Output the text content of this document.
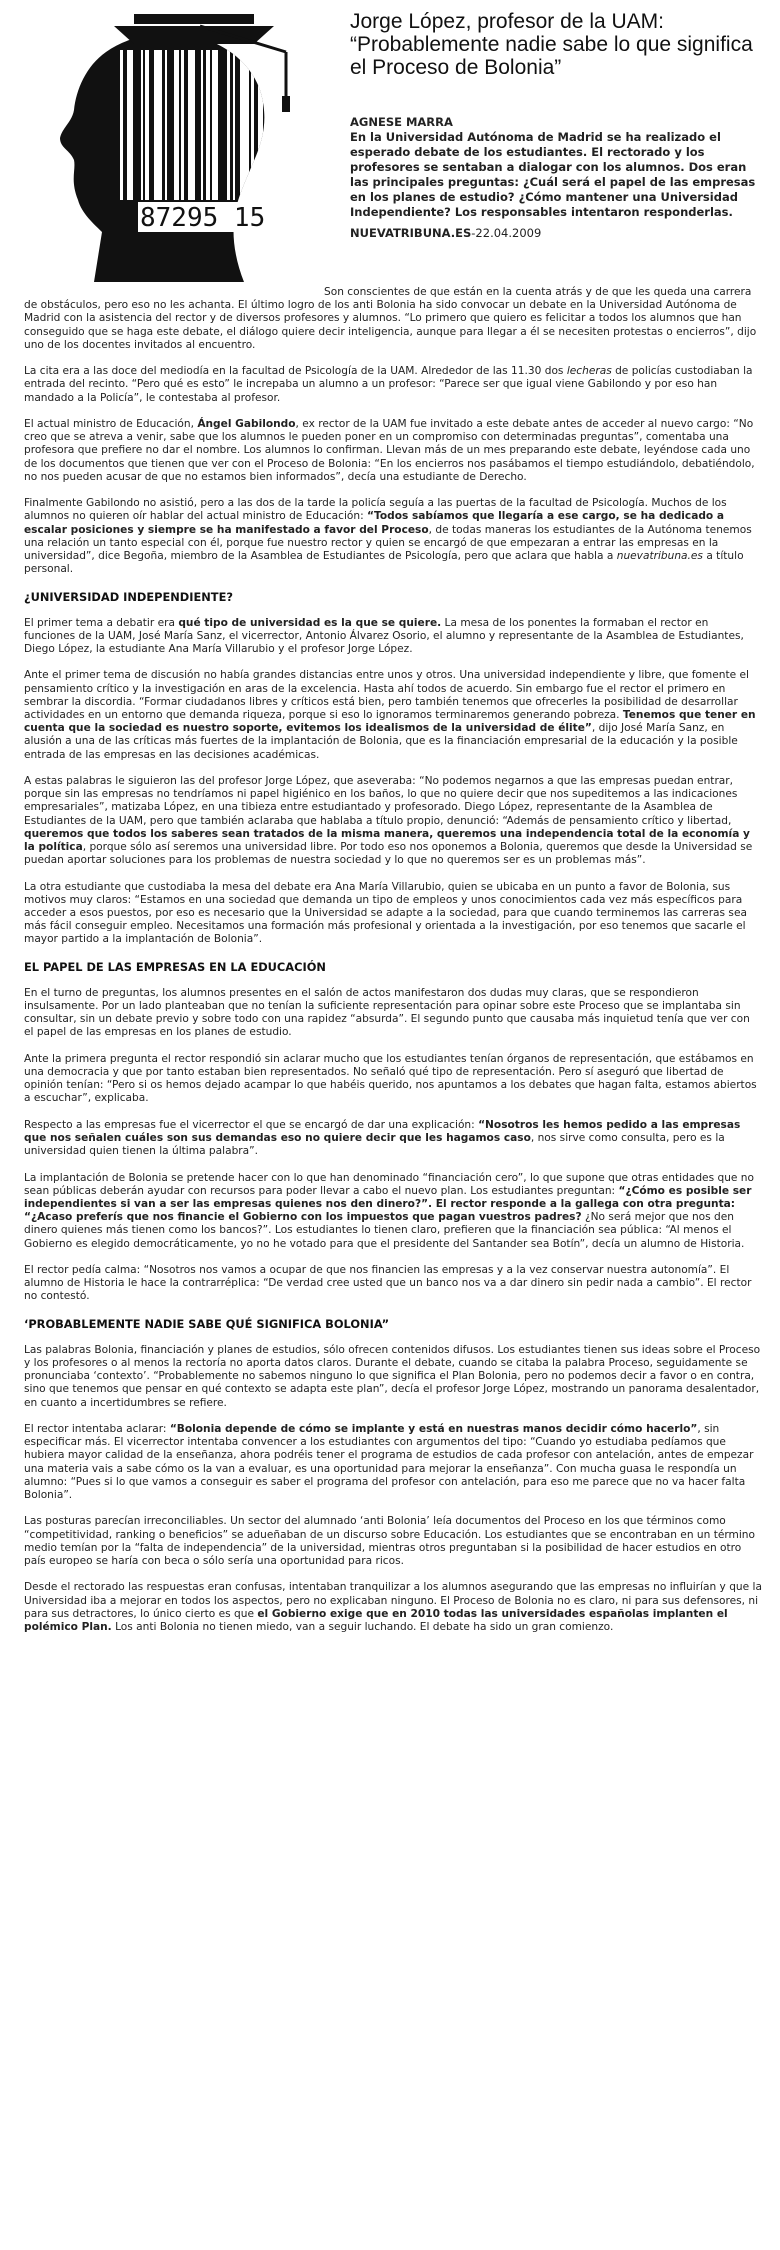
87295 15
Jorge López, profesor de la UAM: “Probablemente nadie sabe lo que significa el Proceso de Bolonia”
AGNESE MARRA
En la Universidad Autónoma de Madrid se ha realizado el esperado debate de los estudiantes. El rectorado y los profesores se sentaban a dialogar con los alumnos. Dos eran las principales preguntas: ¿Cuál será el papel de las empresas en los planes de estudio? ¿Cómo mantener una Universidad Independiente? Los responsables intentaron responderlas.
NUEVATRIBUNA.ES-22.04.2009

Son conscientes de que están en la cuenta atrás y de que les queda una carrera de obstáculos, pero eso no les achanta. El último logro de los anti Bolonia ha sido convocar un debate en la Universidad Autónoma de Madrid con la asistencia del rector y de diversos profesores y alumnos. “Lo primero que quiero es felicitar a todos los alumnos que han conseguido que se haga este debate, el diálogo quiere decir inteligencia, aunque para llegar a él se necesiten protestas o encierros”, dijo uno de los docentes invitados al encuentro.

La cita era a las doce del mediodía en la facultad de Psicología de la UAM. Alrededor de las 11.30 dos lecheras de policías custodiaban la entrada del recinto. “Pero qué es esto” le increpaba un alumno a un profesor: “Parece ser que igual viene Gabilondo y por eso han mandado a la Policía”, le contestaba al profesor.

El actual ministro de Educación, Ángel Gabilondo, ex rector de la UAM fue invitado a este debate antes de acceder al nuevo cargo: “No creo que se atreva a venir, sabe que los alumnos le pueden poner en un compromiso con determinadas preguntas”, comentaba una profesora que prefiere no dar el nombre. Los alumnos lo confirman. Llevan más de un mes preparando este debate, leyéndose cada uno de los documentos que tienen que ver con el Proceso de Bolonia: “En los encierros nos pasábamos el tiempo estudiándolo, debatiéndolo, no nos pueden acusar de que no estamos bien informados”, decía una estudiante de Derecho.

Finalmente Gabilondo no asistió, pero a las dos de la tarde la policía seguía a las puertas de la facultad de Psicología. Muchos de los alumnos no quieren oír hablar del actual ministro de Educación: “Todos sabíamos que llegaría a ese cargo, se ha dedicado a escalar posiciones y siempre se ha manifestado a favor del Proceso, de todas maneras los estudiantes de la Autónoma tenemos una relación un tanto especial con él, porque fue nuestro rector y quien se encargó de que empezaran a entrar las empresas en la universidad”, dice Begoña, miembro de la Asamblea de Estudiantes de Psicología, pero que aclara que habla a nuevatribuna.es a título personal.

¿UNIVERSIDAD INDEPENDIENTE?

El primer tema a debatir era qué tipo de universidad es la que se quiere. La mesa de los ponentes la formaban el rector en funciones de la UAM, José María Sanz, el vicerrector, Antonio Álvarez Osorio, el alumno y representante de la Asamblea de Estudiantes, Diego López, la estudiante Ana María Villarubio y el profesor Jorge López.

Ante el primer tema de discusión no había grandes distancias entre unos y otros. Una universidad independiente y libre, que fomente el pensamiento crítico y la investigación en aras de la excelencia. Hasta ahí todos de acuerdo. Sin embargo fue el rector el primero en sembrar la discordia. “Formar ciudadanos libres y críticos está bien, pero también tenemos que ofrecerles la posibilidad de desarrollar actividades en un entorno que demanda riqueza, porque si eso lo ignoramos terminaremos generando pobreza. Tenemos que tener en cuenta que la sociedad es nuestro soporte, evitemos los idealismos de la universidad de élite”, dijo José María Sanz, en alusión a una de las críticas más fuertes de la implantación de Bolonia, que es la financiación empresarial de la educación y la posible entrada de las empresas en las decisiones académicas.

A estas palabras le siguieron las del profesor Jorge López, que aseveraba: “No podemos negarnos a que las empresas puedan entrar, porque sin las empresas no tendríamos ni papel higiénico en los baños, lo que no quiere decir que nos supeditemos a las indicaciones empresariales”, matizaba López, en una tibieza entre estudiantado y profesorado. Diego López, representante de la Asamblea de Estudiantes de la UAM, pero que también aclaraba que hablaba a título propio, denunció: “Además de pensamiento crítico y libertad, queremos que todos los saberes sean tratados de la misma manera, queremos una independencia total de la economía y la política, porque sólo así seremos una universidad libre. Por todo eso nos oponemos a Bolonia, queremos que desde la Universidad se puedan aportar soluciones para los problemas de nuestra sociedad y lo que no queremos ser es un problemas más”.

La otra estudiante que custodiaba la mesa del debate era Ana María Villarubio, quien se ubicaba en un punto a favor de Bolonia, sus motivos muy claros: “Estamos en una sociedad que demanda un tipo de empleos y unos conocimientos cada vez más específicos para acceder a esos puestos, por eso es necesario que la Universidad se adapte a la sociedad, para que cuando terminemos las carreras sea más fácil conseguir empleo. Necesitamos una formación más profesional y orientada a la investigación, por eso tenemos que sacarle el mayor partido a la implantación de Bolonia”.

EL PAPEL DE LAS EMPRESAS EN LA EDUCACIÓN

En el turno de preguntas, los alumnos presentes en el salón de actos manifestaron dos dudas muy claras, que se respondieron insulsamente. Por un lado planteaban que no tenían la suficiente representación para opinar sobre este Proceso que se implantaba sin consultar, sin un debate previo y sobre todo con una rapidez “absurda”. El segundo punto que causaba más inquietud tenía que ver con el papel de las empresas en los planes de estudio.

Ante la primera pregunta el rector respondió sin aclarar mucho que los estudiantes tenían órganos de representación, que estábamos en una democracia y que por tanto estaban bien representados. No señaló qué tipo de representación. Pero sí aseguró que libertad de opinión tenían: “Pero si os hemos dejado acampar lo que habéis querido, nos apuntamos a los debates que hagan falta, estamos abiertos a escuchar”, explicaba.

Respecto a las empresas fue el vicerrector el que se encargó de dar una explicación: “Nosotros les hemos pedido a las empresas que nos señalen cuáles son sus demandas eso no quiere decir que les hagamos caso, nos sirve como consulta, pero es la universidad quien tienen la última palabra”.

La implantación de Bolonia se pretende hacer con lo que han denominado “financiación cero”, lo que supone que otras entidades que no sean públicas deberán ayudar con recursos para poder llevar a cabo el nuevo plan. Los estudiantes preguntan: “¿Cómo es posible ser independientes si van a ser las empresas quienes nos den dinero?”. El rector responde a la gallega con otra pregunta: “¿Acaso preferís que nos financie el Gobierno con los impuestos que pagan vuestros padres? ¿No será mejor que nos den dinero quienes más tienen como los bancos?”. Los estudiantes lo tienen claro, prefieren que la financiación sea pública: “Al menos el Gobierno es elegido democráticamente, yo no he votado para que el presidente del Santander sea Botín”, decía un alumno de Historia.

El rector pedía calma: “Nosotros nos vamos a ocupar de que nos financien las empresas y a la vez conservar nuestra autonomía”. El alumno de Historia le hace la contrarréplica: “De verdad cree usted que un banco nos va a dar dinero sin pedir nada a cambio”. El rector no contestó.

‘PROBABLEMENTE NADIE SABE QUÉ SIGNIFICA BOLONIA”

Las palabras Bolonia, financiación y planes de estudios, sólo ofrecen contenidos difusos. Los estudiantes tienen sus ideas sobre el Proceso y los profesores o al menos la rectoría no aporta datos claros. Durante el debate, cuando se citaba la palabra Proceso, seguidamente se pronunciaba ‘contexto’. “Probablemente no sabemos ninguno lo que significa el Plan Bolonia, pero no podemos decir a favor o en contra, sino que tenemos que pensar en qué contexto se adapta este plan”, decía el profesor Jorge López, mostrando un panorama desalentador, en cuanto a incertidumbres se refiere.

El rector intentaba aclarar: “Bolonia depende de cómo se implante y está en nuestras manos decidir cómo hacerlo”, sin especificar más. El vicerrector intentaba convencer a los estudiantes con argumentos del tipo: “Cuando yo estudiaba pedíamos que hubiera mayor calidad de la enseñanza, ahora podréis tener el programa de estudios de cada profesor con antelación, antes de empezar una materia vais a sabe cómo os la van a evaluar, es una oportunidad para mejorar la enseñanza”. Con mucha guasa le respondía un alumno: “Pues si lo que vamos a conseguir es saber el programa del profesor con antelación, para eso me parece que no va hacer falta Bolonia”.

Las posturas parecían irreconciliables. Un sector del alumnado ‘anti Bolonia’ leía documentos del Proceso en los que términos como “competitividad, ranking o beneficios” se adueñaban de un discurso sobre Educación. Los estudiantes que se encontraban en un término medio temían por la “falta de independencia” de la universidad, mientras otros preguntaban si la posibilidad de hacer estudios en otro país europeo se haría con beca o sólo sería una oportunidad para ricos.

Desde el rectorado las respuestas eran confusas, intentaban tranquilizar a los alumnos asegurando que las empresas no influirían y que la Universidad iba a mejorar en todos los aspectos, pero no explicaban ninguno. El Proceso de Bolonia no es claro, ni para sus defensores, ni para sus detractores, lo único cierto es que el Gobierno exige que en 2010 todas las universidades españolas implanten el polémico Plan. Los anti Bolonia no tienen miedo, van a seguir luchando. El debate ha sido un gran comienzo.
